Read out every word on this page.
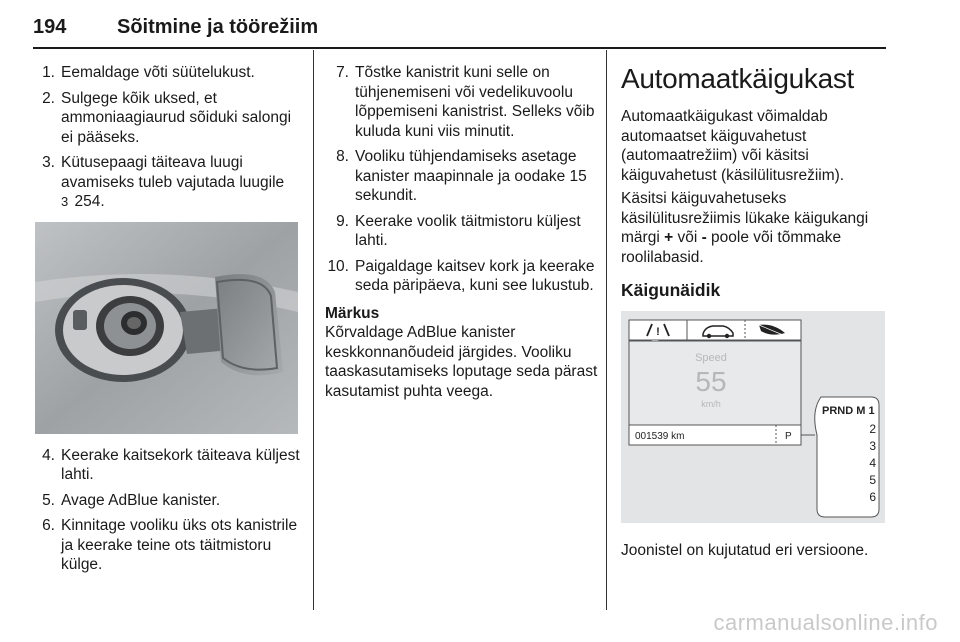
194	Sõitmine ja töörežiim
1. Eemaldage võti süütelukust.
2. Sulgege kõik uksed, et ammoniaagiaurud sõiduki salongi ei pääseks.
3. Kütusepaagi täiteava luugi avamiseks tuleb vajutada luugile
3 254.
4. Keerake kaitsekork täiteava küljest lahti.
5. Avage AdBlue kanister.
6. Kinnitage vooliku üks ots kanistrile ja keerake teine ots täitmistoru külge.
7. Tõstke kanistrit kuni selle on tühjenemiseni või vedelikuvoolu lõppemiseni kanistrist. Selleks võib kuluda kuni viis minutit.
8. Vooliku tühjendamiseks asetage kanister maapinnale ja oodake 15 sekundit.
9. Keerake voolik täitmistoru küljest lahti.
10. Paigaldage kaitsev kork ja keerake seda päripäeva, kuni see lukustub.
Märkus
Kõrvaldage AdBlue kanister keskkonnanõudeid järgides. Vooliku taaskasutamiseks loputage seda pärast kasutamist puhta veega.
Automaatkäigukast

Automaatkäigukast võimaldab automaatset käiguvahetust (automaatrežiim) või käsitsi käiguvahetust (käsilülitusrežiim).

Käsitsi käiguvahetuseks käsilülitusrežiimis lükake käigukangi märgi + või - poole või tõmmake roolilabasid.

Käigunäidik
!
Speed
55
km/h
001539 km	P
PRND M 1
2
3
4
5
6

Joonistel on kujutatud eri versioone.

carmanualsonline.info
